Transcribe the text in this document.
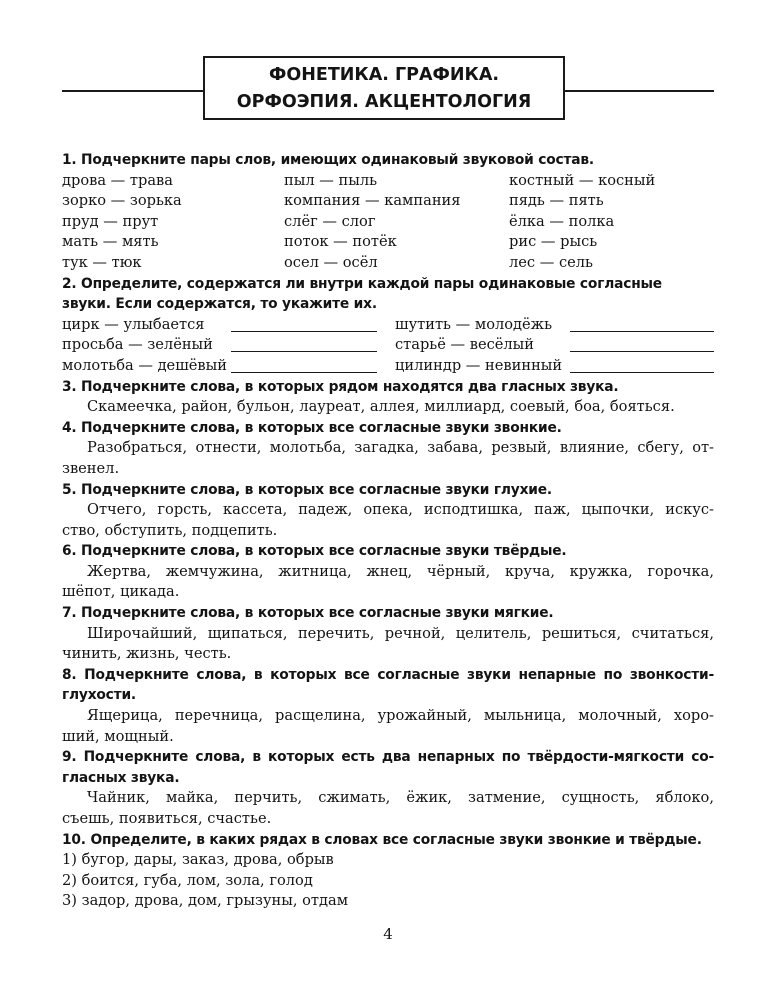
ФОНЕТИКА. ГРАФИКА.
ОРФОЭПИЯ. АКЦЕНТОЛОГИЯ
1. Подчеркните пары слов, имеющих одинаковый звуковой состав.
дрова — трава	пыл — пыль	костный — косный
зорко — зорька	компания — кампания	пядь — пять
пруд — прут	слёг — слог	ёлка — полка
мать — мять	поток — потёк	рис — рысь
тук — тюк	осел — осёл	лес — сель
2. Определите, содержатся ли внутри каждой пары одинаковые согласные
звуки. Если содержатся, то укажите их.
цирк — улыбается	шутить — молодёжь
просьба — зелёный	старьё — весёлый
молотьба — дешёвый	цилиндр — невинный
3. Подчеркните слова, в которых рядом находятся два гласных звука.
Скамеечка, район, бульон, лауреат, аллея, миллиард, соевый, боа, бояться.
4. Подчеркните слова, в которых все согласные звуки звонкие.
Разобраться, отнести, молотьба, загадка, забава, резвый, влияние, сбегу, от-
звенел.
5. Подчеркните слова, в которых все согласные звуки глухие.
Отчего, горсть, кассета, падеж, опека, исподтишка, паж, цыпочки, искус-
ство, обступить, подцепить.
6. Подчеркните слова, в которых все согласные звуки твёрдые.
Жертва, жемчужина, житница, жнец, чёрный, круча, кружка, горочка,
шёпот, цикада.
7. Подчеркните слова, в которых все согласные звуки мягкие.
Широчайший, щипаться, перечить, речной, целитель, решиться, считаться,
чинить, жизнь, честь.
8. Подчеркните слова, в которых все согласные звуки непарные по звонкости-
глухости.
Ящерица, перечница, расщелина, урожайный, мыльница, молочный, хоро-
ший, мощный.
9. Подчеркните слова, в которых есть два непарных по твёрдости-мягкости со-
гласных звука.
Чайник, майка, перчить, сжимать, ёжик, затмение, сущность, яблоко,
съешь, появиться, счастье.
10. Определите, в каких рядах в словах все согласные звуки звонкие и твёрдые.
1) бугор, дары, заказ, дрова, обрыв
2) боится, губа, лом, зола, голод
3) задор, дрова, дом, грызуны, отдам
4
